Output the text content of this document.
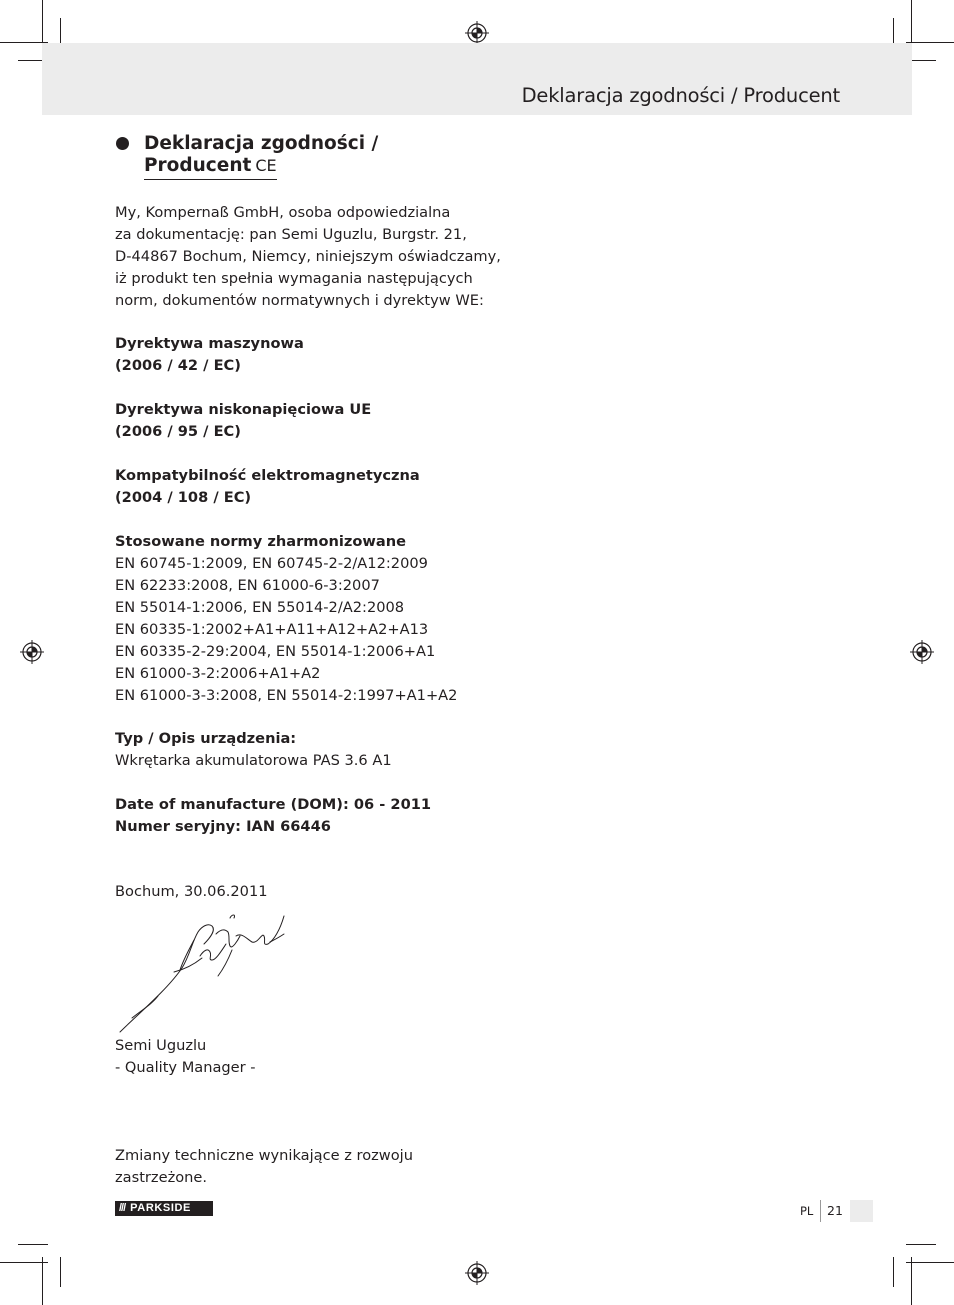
Deklaracja zgodności / Producent
Deklaracja zgodności /
Producent CE

My, Kompernaß GmbH, osoba odpowiedzialna

za dokumentację: pan Semi Uguzlu, Burgstr. 21,

D-44867 Bochum, Niemcy, niniejszym oświadczamy,

iż produkt ten spełnia wymagania następujących

norm, dokumentów normatywnych i dyrektyw WE:

Dyrektywa maszynowa

(2006 / 42 / EC)

Dyrektywa niskonapięciowa UE

(2006 / 95 / EC)

Kompatybilność elektromagnetyczna

(2004 / 108 / EC)

Stosowane normy zharmonizowane

EN 60745-1:2009, EN 60745-2-2/A12:2009

EN 62233:2008, EN 61000-6-3:2007

EN 55014-1:2006, EN 55014-2/A2:2008

EN 60335-1:2002+A1+A11+A12+A2+A13

EN 60335-2-29:2004, EN 55014-1:2006+A1

EN 61000-3-2:2006+A1+A2

EN 61000-3-3:2008, EN 55014-2:1997+A1+A2

Typ / Opis urządzenia:

Wkrętarka akumulatorowa PAS 3.6 A1

Date of manufacture (DOM): 06 - 2011

Numer seryjny: IAN 66446

Bochum, 30.06.2011

Semi Uguzlu

- Quality Manager -

Zmiany techniczne wynikające z rozwoju

zastrzeżone.

/// PARKSIDE	PL 21
